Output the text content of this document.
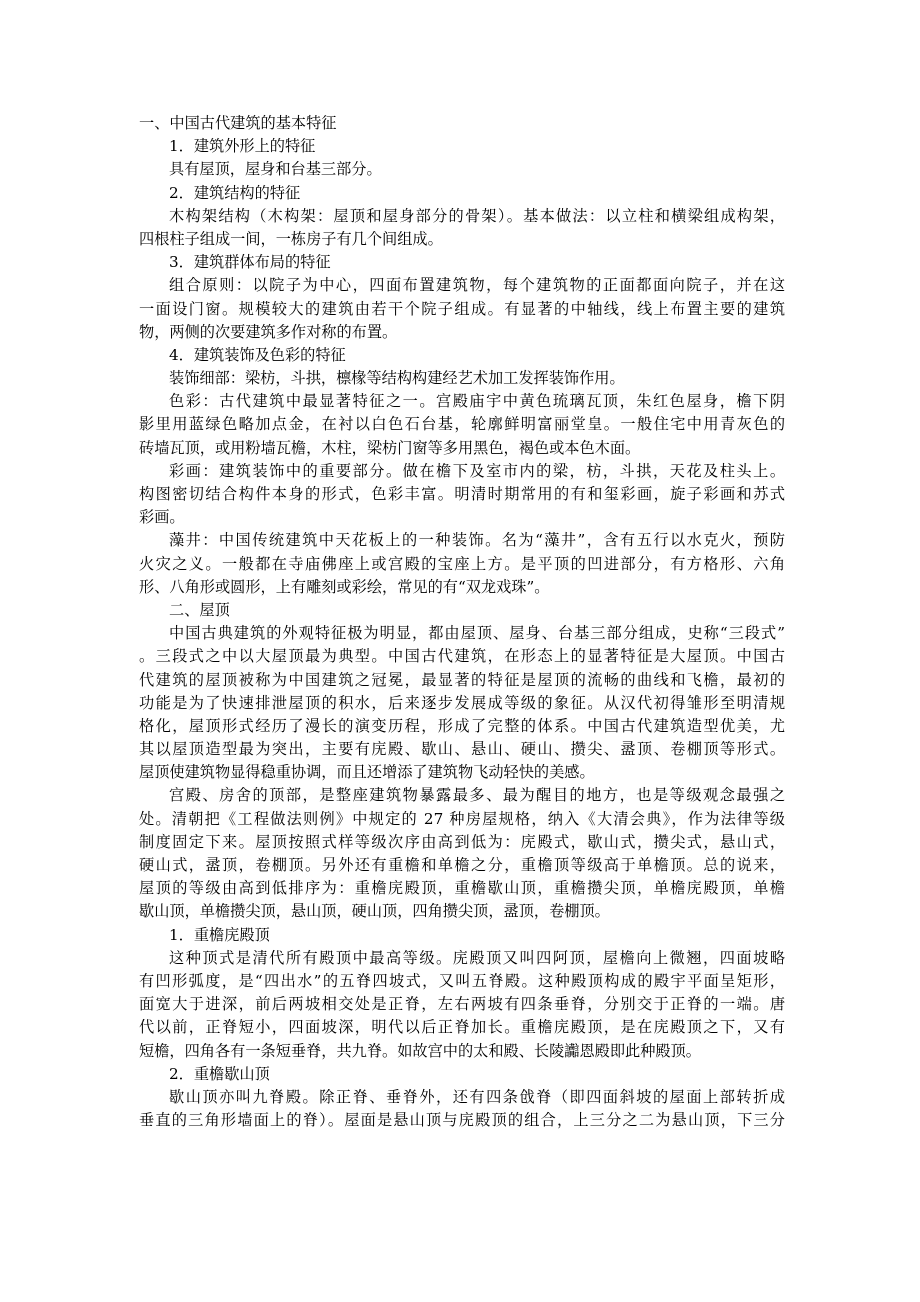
一、中国古代建筑的基本特征
1．建筑外形上的特征
具有屋顶，屋身和台基三部分。
2．建筑结构的特征
木构架结构（木构架：屋顶和屋身部分的骨架）。基本做法：以立柱和横梁组成构架，
四根柱子组成一间，一栋房子有几个间组成。
3．建筑群体布局的特征
组合原则：以院子为中心，四面布置建筑物，每个建筑物的正面都面向院子，并在这
一面设门窗。规模较大的建筑由若干个院子组成。有显著的中轴线，线上布置主要的建筑
物，两侧的次要建筑多作对称的布置。
4．建筑装饰及色彩的特征
装饰细部：梁枋，斗拱，檩椽等结构构建经艺术加工发挥装饰作用。
色彩：古代建筑中最显著特征之一。宫殿庙宇中黄色琉璃瓦顶，朱红色屋身，檐下阴
影里用蓝绿色略加点金，在衬以白色石台基，轮廓鲜明富丽堂皇。一般住宅中用青灰色的
砖墙瓦顶，或用粉墙瓦檐，木柱，梁枋门窗等多用黑色，褐色或本色木面。
彩画：建筑装饰中的重要部分。做在檐下及室市内的梁，枋，斗拱，天花及柱头上。
构图密切结合构件本身的形式，色彩丰富。明清时期常用的有和玺彩画，旋子彩画和苏式
彩画。
藻井：中国传统建筑中天花板上的一种装饰。名为“藻井”，含有五行以水克火，预防
火灾之义。一般都在寺庙佛座上或宫殿的宝座上方。是平顶的凹进部分，有方格形、六角
形、八角形或圆形，上有雕刻或彩绘，常见的有“双龙戏珠”。
二、屋顶
中国古典建筑的外观特征极为明显，都由屋顶、屋身、台基三部分组成，史称“三段式”
。三段式之中以大屋顶最为典型。中国古代建筑，在形态上的显著特征是大屋顶。中国古
代建筑的屋顶被称为中国建筑之冠冕，最显著的特征是屋顶的流畅的曲线和飞檐，最初的
功能是为了快速排泄屋顶的积水，后来逐步发展成等级的象征。从汉代初得雏形至明清规
格化，屋顶形式经历了漫长的演变历程，形成了完整的体系。中国古代建筑造型优美，尤
其以屋顶造型最为突出，主要有庑殿、歇山、悬山、硬山、攒尖、盝顶、卷棚顶等形式。
屋顶使建筑物显得稳重协调，而且还增添了建筑物飞动轻快的美感。
宫殿、房舍的顶部，是整座建筑物暴露最多、最为醒目的地方，也是等级观念最强之
处。清朝把《工程做法则例》中规定的 27 种房屋规格，纳入《大清会典》，作为法律等级
制度固定下来。屋顶按照式样等级次序由高到低为：庑殿式，歇山式，攒尖式，悬山式，
硬山式，盝顶，卷棚顶。另外还有重檐和单檐之分，重檐顶等级高于单檐顶。总的说来，
屋顶的等级由高到低排序为：重檐庑殿顶，重檐歇山顶，重檐攒尖顶，单檐庑殿顶，单檐
歇山顶，单檐攒尖顶，悬山顶，硬山顶，四角攒尖顶，盝顶，卷棚顶。
1．重檐庑殿顶
这种顶式是清代所有殿顶中最高等级。庑殿顶又叫四阿顶，屋檐向上微翘，四面坡略
有凹形弧度，是“四出水”的五脊四坡式，又叫五脊殿。这种殿顶构成的殿宇平面呈矩形，
面宽大于进深，前后两坡相交处是正脊，左右两坡有四条垂脊，分别交于正脊的一端。唐
代以前，正脊短小，四面坡深，明代以后正脊加长。重檐庑殿顶，是在庑殿顶之下，又有
短檐，四角各有一条短垂脊，共九脊。如故宫中的太和殿、长陵讟恩殿即此种殿顶。
2．重檐歇山顶
歇山顶亦叫九脊殿。除正脊、垂脊外，还有四条戗脊（即四面斜坡的屋面上部转折成
垂直的三角形墙面上的脊）。屋面是悬山顶与庑殿顶的组合，上三分之二为悬山顶，下三分
